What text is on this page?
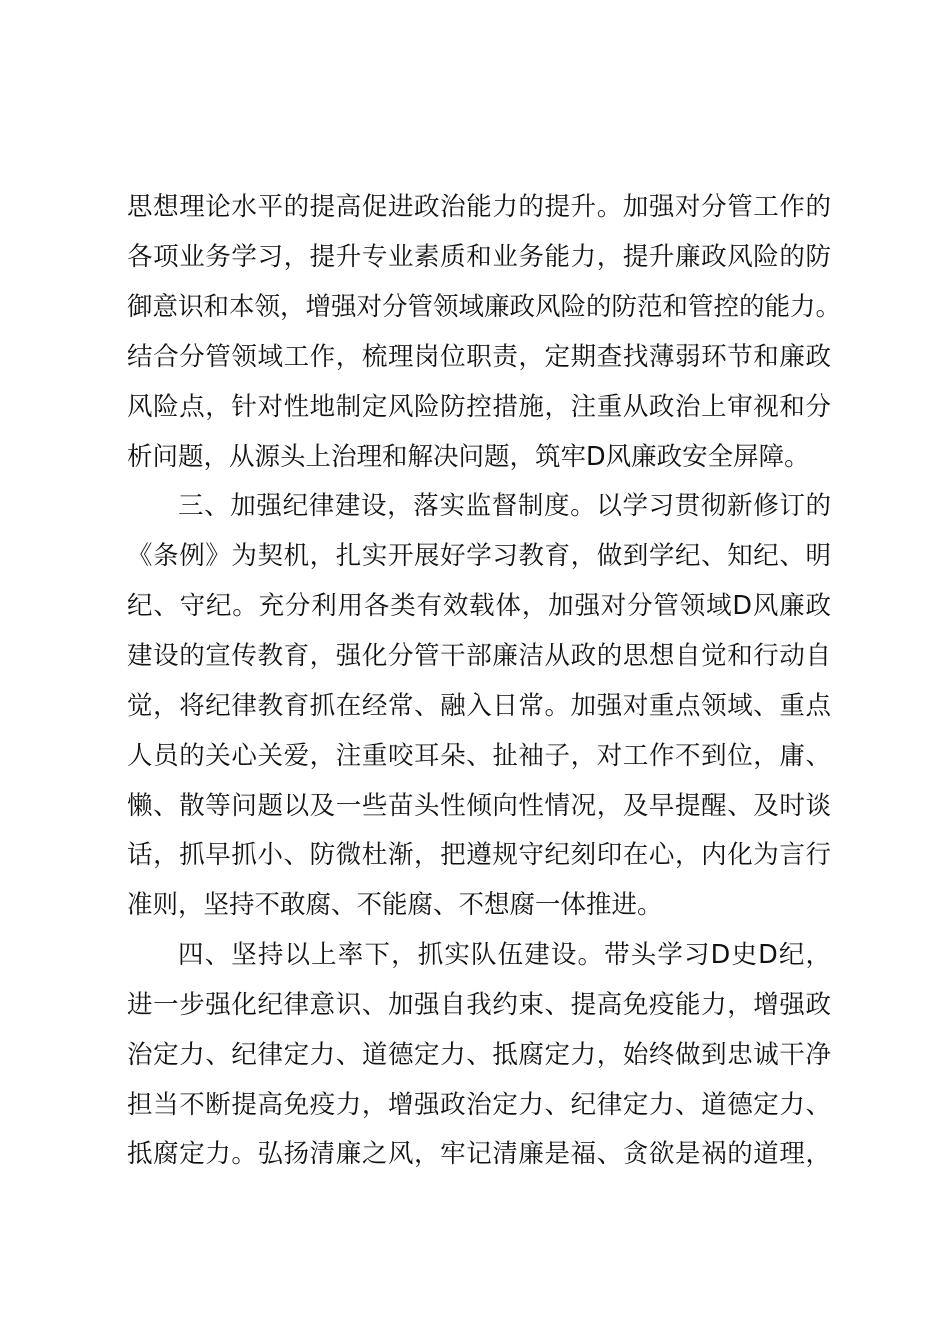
思想理论水平的提高促进政治能力的提升。加强对分管工作的
各项业务学习，提升专业素质和业务能力，提升廉政风险的防
御意识和本领，增强对分管领域廉政风险的防范和管控的能力。
结合分管领域工作，梳理岗位职责，定期查找薄弱环节和廉政
风险点，针对性地制定风险防控措施，注重从政治上审视和分
析问题，从源头上治理和解决问题，筑牢D风廉政安全屏障。
三、加强纪律建设，落实监督制度。以学习贯彻新修订的
《条例》为契机，扎实开展好学习教育，做到学纪、知纪、明
纪、守纪。充分利用各类有效载体，加强对分管领域D风廉政
建设的宣传教育，强化分管干部廉洁从政的思想自觉和行动自
觉，将纪律教育抓在经常、融入日常。加强对重点领域、重点
人员的关心关爱，注重咬耳朵、扯袖子，对工作不到位，庸、
懒、散等问题以及一些苗头性倾向性情况，及早提醒、及时谈
话，抓早抓小、防微杜渐，把遵规守纪刻印在心，内化为言行
准则，坚持不敢腐、不能腐、不想腐一体推进。
四、坚持以上率下，抓实队伍建设。带头学习D史D纪，
进一步强化纪律意识、加强自我约束、提高免疫能力，增强政
治定力、纪律定力、道德定力、抵腐定力，始终做到忠诚干净
担当不断提高免疫力，增强政治定力、纪律定力、道德定力、
抵腐定力。弘扬清廉之风，牢记清廉是福、贪欲是祸的道理，
